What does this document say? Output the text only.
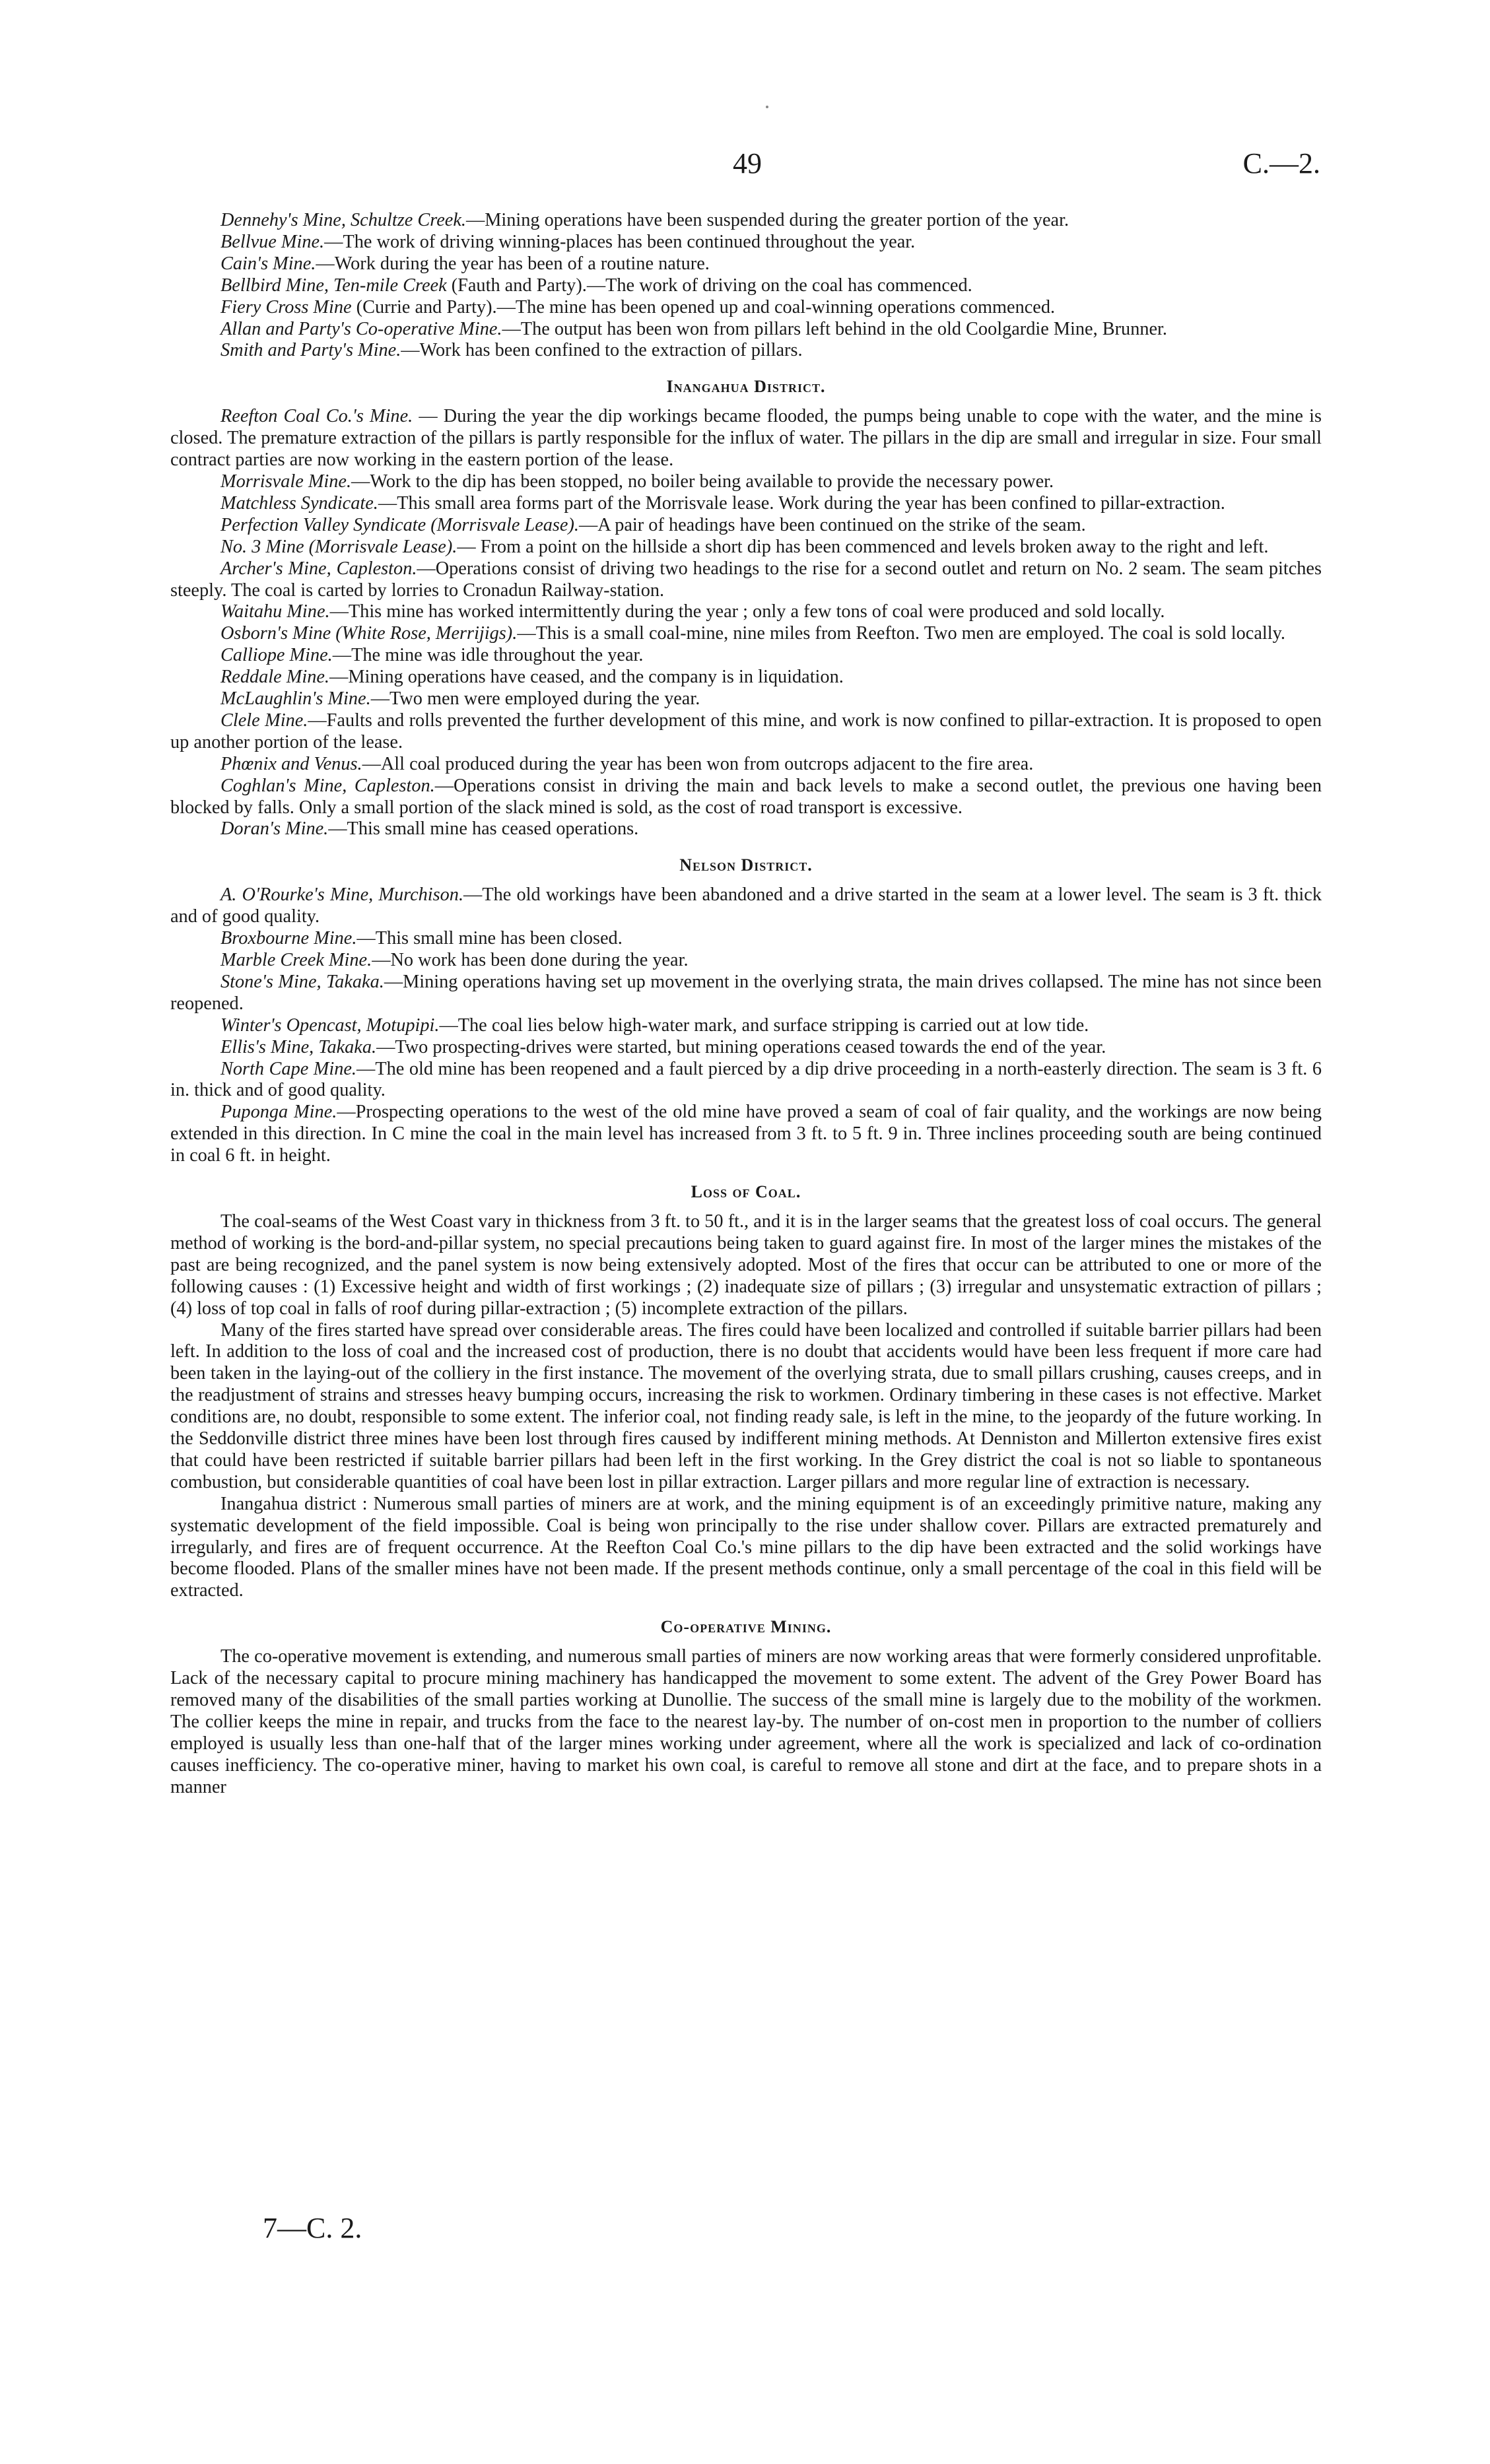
49	C.—2.

Dennehy's Mine, Schultze Creek.—Mining operations have been suspended during the greater portion of the year.

Bellvue Mine.—The work of driving winning-places has been continued throughout the year.

Cain's Mine.—Work during the year has been of a routine nature.

Bellbird Mine, Ten-mile Creek (Fauth and Party).—The work of driving on the coal has commenced.

Fiery Cross Mine (Currie and Party).—The mine has been opened up and coal-winning operations commenced.

Allan and Party's Co-operative Mine.—The output has been won from pillars left behind in the old Coolgardie Mine, Brunner.

Smith and Party's Mine.—Work has been confined to the extraction of pillars.

Inangahua District.

Reefton Coal Co.'s Mine. — During the year the dip workings became flooded, the pumps being unable to cope with the water, and the mine is closed. The premature extraction of the pillars is partly responsible for the influx of water. The pillars in the dip are small and irregular in size. Four small contract parties are now working in the eastern portion of the lease.

Morrisvale Mine.—Work to the dip has been stopped, no boiler being available to provide the necessary power.

Matchless Syndicate.—This small area forms part of the Morrisvale lease. Work during the year has been confined to pillar-extraction.

Perfection Valley Syndicate (Morrisvale Lease).—A pair of headings have been continued on the strike of the seam.

No. 3 Mine (Morrisvale Lease).— From a point on the hillside a short dip has been commenced and levels broken away to the right and left.

Archer's Mine, Capleston.—Operations consist of driving two headings to the rise for a second outlet and return on No. 2 seam. The seam pitches steeply. The coal is carted by lorries to Cronadun Railway-station.

Waitahu Mine.—This mine has worked intermittently during the year ; only a few tons of coal were produced and sold locally.

Osborn's Mine (White Rose, Merrijigs).—This is a small coal-mine, nine miles from Reefton. Two men are employed. The coal is sold locally.

Calliope Mine.—The mine was idle throughout the year.

Reddale Mine.—Mining operations have ceased, and the company is in liquidation.

McLaughlin's Mine.—Two men were employed during the year.

Clele Mine.—Faults and rolls prevented the further development of this mine, and work is now confined to pillar-extraction. It is proposed to open up another portion of the lease.

Phœnix and Venus.—All coal produced during the year has been won from outcrops adjacent to the fire area.

Coghlan's Mine, Capleston.—Operations consist in driving the main and back levels to make a second outlet, the previous one having been blocked by falls. Only a small portion of the slack mined is sold, as the cost of road transport is excessive.

Doran's Mine.—This small mine has ceased operations.

Nelson District.

A. O'Rourke's Mine, Murchison.—The old workings have been abandoned and a drive started in the seam at a lower level. The seam is 3 ft. thick and of good quality.

Broxbourne Mine.—This small mine has been closed.

Marble Creek Mine.—No work has been done during the year.

Stone's Mine, Takaka.—Mining operations having set up movement in the overlying strata, the main drives collapsed. The mine has not since been reopened.

Winter's Opencast, Motupipi.—The coal lies below high-water mark, and surface stripping is carried out at low tide.

Ellis's Mine, Takaka.—Two prospecting-drives were started, but mining operations ceased towards the end of the year.

North Cape Mine.—The old mine has been reopened and a fault pierced by a dip drive proceeding in a north-easterly direction. The seam is 3 ft. 6 in. thick and of good quality.

Puponga Mine.—Prospecting operations to the west of the old mine have proved a seam of coal of fair quality, and the workings are now being extended in this direction. In C mine the coal in the main level has increased from 3 ft. to 5 ft. 9 in. Three inclines proceeding south are being continued in coal 6 ft. in height.

Loss of Coal.

The coal-seams of the West Coast vary in thickness from 3 ft. to 50 ft., and it is in the larger seams that the greatest loss of coal occurs. The general method of working is the bord-and-pillar system, no special precautions being taken to guard against fire. In most of the larger mines the mistakes of the past are being recognized, and the panel system is now being extensively adopted. Most of the fires that occur can be attributed to one or more of the following causes : (1) Excessive height and width of first workings ; (2) inadequate size of pillars ; (3) irregular and unsystematic extraction of pillars ; (4) loss of top coal in falls of roof during pillar-extraction ; (5) incomplete extraction of the pillars.

Many of the fires started have spread over considerable areas. The fires could have been localized and controlled if suitable barrier pillars had been left. In addition to the loss of coal and the increased cost of production, there is no doubt that accidents would have been less frequent if more care had been taken in the laying-out of the colliery in the first instance. The movement of the overlying strata, due to small pillars crushing, causes creeps, and in the readjustment of strains and stresses heavy bumping occurs, increasing the risk to workmen. Ordinary timbering in these cases is not effective. Market conditions are, no doubt, responsible to some extent. The inferior coal, not finding ready sale, is left in the mine, to the jeopardy of the future working. In the Seddonville district three mines have been lost through fires caused by indifferent mining methods. At Denniston and Millerton extensive fires exist that could have been restricted if suitable barrier pillars had been left in the first working. In the Grey district the coal is not so liable to spontaneous combustion, but considerable quantities of coal have been lost in pillar extraction. Larger pillars and more regular line of extraction is necessary.

Inangahua district : Numerous small parties of miners are at work, and the mining equipment is of an exceedingly primitive nature, making any systematic development of the field impossible. Coal is being won principally to the rise under shallow cover. Pillars are extracted prematurely and irregularly, and fires are of frequent occurrence. At the Reefton Coal Co.'s mine pillars to the dip have been extracted and the solid workings have become flooded. Plans of the smaller mines have not been made. If the present methods continue, only a small percentage of the coal in this field will be extracted.

Co-operative Mining.

The co-operative movement is extending, and numerous small parties of miners are now working areas that were formerly considered unprofitable. Lack of the necessary capital to procure mining machinery has handicapped the movement to some extent. The advent of the Grey Power Board has removed many of the disabilities of the small parties working at Dunollie. The success of the small mine is largely due to the mobility of the workmen. The collier keeps the mine in repair, and trucks from the face to the nearest lay-by. The number of on-cost men in proportion to the number of colliers employed is usually less than one-half that of the larger mines working under agreement, where all the work is specialized and lack of co-ordination causes inefficiency. The co-operative miner, having to market his own coal, is careful to remove all stone and dirt at the face, and to prepare shots in a manner

7—C. 2.
